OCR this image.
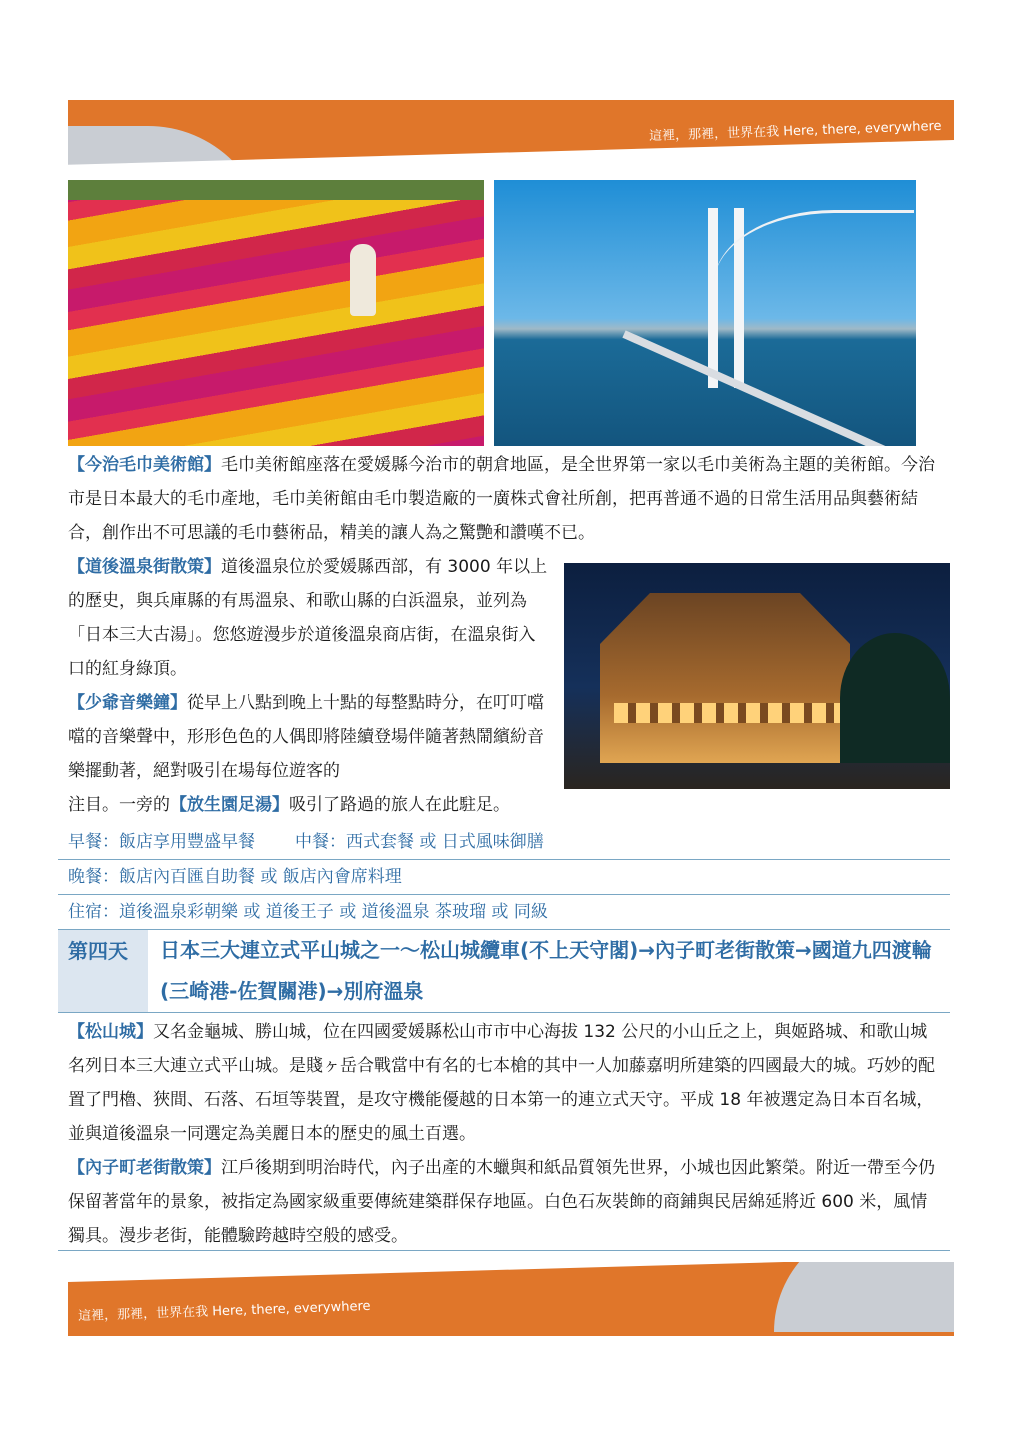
這裡，那裡，世界在我 Here, there, everywhere
【今治毛巾美術館】毛巾美術館座落在愛媛縣今治市的朝倉地區，是全世界第一家以毛巾美術為主題的美術館。今治市是日本最大的毛巾產地，毛巾美術館由毛巾製造廠的一廣株式會社所創，把再普通不過的日常生活用品與藝術結合，創作出不可思議的毛巾藝術品，精美的讓人為之驚艷和讚嘆不已。
【道後溫泉街散策】道後溫泉位於愛媛縣西部，有 3000 年以上的歷史，與兵庫縣的有馬溫泉、和歌山縣的白浜溫泉，並列為「日本三大古湯」。您悠遊漫步於道後溫泉商店街，在溫泉街入口的紅身綠頂。
【少爺音樂鐘】從早上八點到晚上十點的每整點時分，在叮叮噹噹的音樂聲中，形形色色的人偶即將陸續登場伴隨著熱鬧繽紛音樂擺動著，絕對吸引在場每位遊客的
注目。一旁的【放生園足湯】吸引了路過的旅人在此駐足。
早餐：飯店享用豐盛早餐 中餐：西式套餐 或 日式風味御膳
晚餐：飯店內百匯自助餐 或 飯店內會席料理
住宿：道後溫泉彩朝樂 或 道後王子 或 道後溫泉 茶玻瑠 或 同級
第四天	日本三大連立式平山城之一～松山城纜車(不上天守閣)→內子町老街散策→國道九四渡輪(三崎港-佐賀關港)→別府溫泉
【松山城】又名金龜城、勝山城，位在四國愛媛縣松山市市中心海拔 132 公尺的小山丘之上，與姬路城、和歌山城名列日本三大連立式平山城。是賤ヶ岳合戰當中有名的七本槍的其中一人加藤嘉明所建築的四國最大的城。巧妙的配置了門櫓、狹間、石落、石垣等裝置，是攻守機能優越的日本第一的連立式天守。平成 18 年被選定為日本百名城，並與道後溫泉一同選定為美麗日本的歷史的風土百選。
【內子町老街散策】江戶後期到明治時代，內子出產的木蠟與和紙品質領先世界，小城也因此繁榮。附近一帶至今仍保留著當年的景象，被指定為國家級重要傳統建築群保存地區。白色石灰裝飾的商鋪與民居綿延將近 600 米，風情獨具。漫步老街，能體驗跨越時空般的感受。
這裡，那裡，世界在我 Here, there, everywhere
